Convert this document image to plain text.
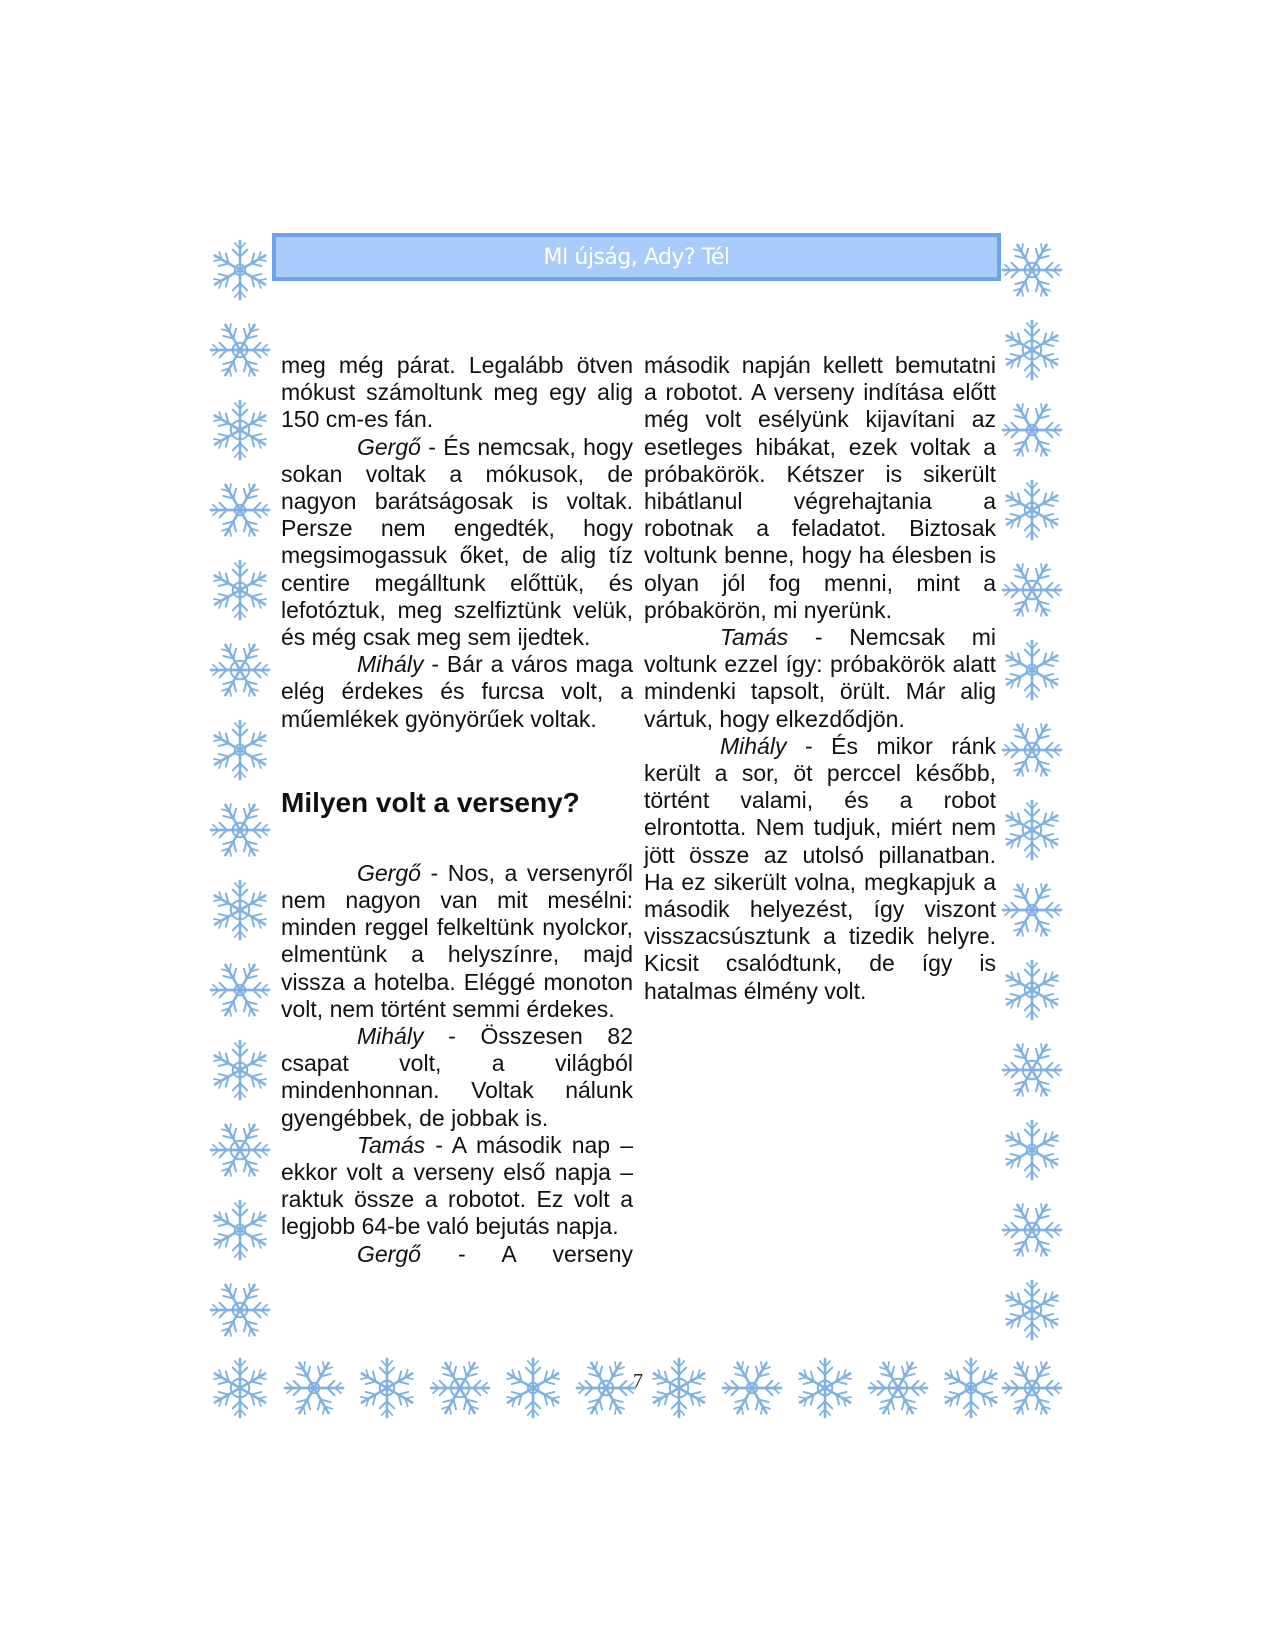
MI újság, Ady? Tél

meg még párat. Legalább ötven mókust számoltunk meg egy alig 150 cm-es fán.

Gergő - És nemcsak, hogy sokan voltak a mókusok, de nagyon barátságosak is voltak. Persze nem engedték, hogy megsimogassuk őket, de alig tíz centire megálltunk előttük, és lefotóztuk, meg szelfiztünk velük, és még csak meg sem ijedtek.

Mihály - Bár a város maga elég érdekes és furcsa volt, a műemlékek gyönyörűek voltak.

Milyen volt a verseny?

Gergő - Nos, a versenyről nem nagyon van mit mesélni: minden reggel felkeltünk nyolckor, elmentünk a helyszínre, majd vissza a hotelba. Eléggé monoton volt, nem történt semmi érdekes.

Mihály - Összesen 82 csapat volt, a világból mindenhonnan. Voltak nálunk gyengébbek, de jobbak is.

Tamás - A második nap – ekkor volt a verseny első napja – raktuk össze a robotot. Ez volt a legjobb 64-be való bejutás napja.

Gergő - A verseny

második napján kellett bemutatni a robotot. A verseny indítása előtt még volt esélyünk kijavítani az esetleges hibákat, ezek voltak a próbakörök. Kétszer is sikerült hibátlanul végrehajtania a robotnak a feladatot. Biztosak voltunk benne, hogy ha élesben is olyan jól fog menni, mint a próbakörön, mi nyerünk.

Tamás - Nemcsak mi voltunk ezzel így: próbakörök alatt mindenki tapsolt, örült. Már alig vártuk, hogy elkezdődjön.

Mihály - És mikor ránk került a sor, öt perccel később, történt valami, és a robot elrontotta. Nem tudjuk, miért nem jött össze az utolsó pillanatban. Ha ez sikerült volna, megkapjuk a második helyezést, így viszont visszacsúsztunk a tizedik helyre. Kicsit csalódtunk, de így is hatalmas élmény volt.

7
